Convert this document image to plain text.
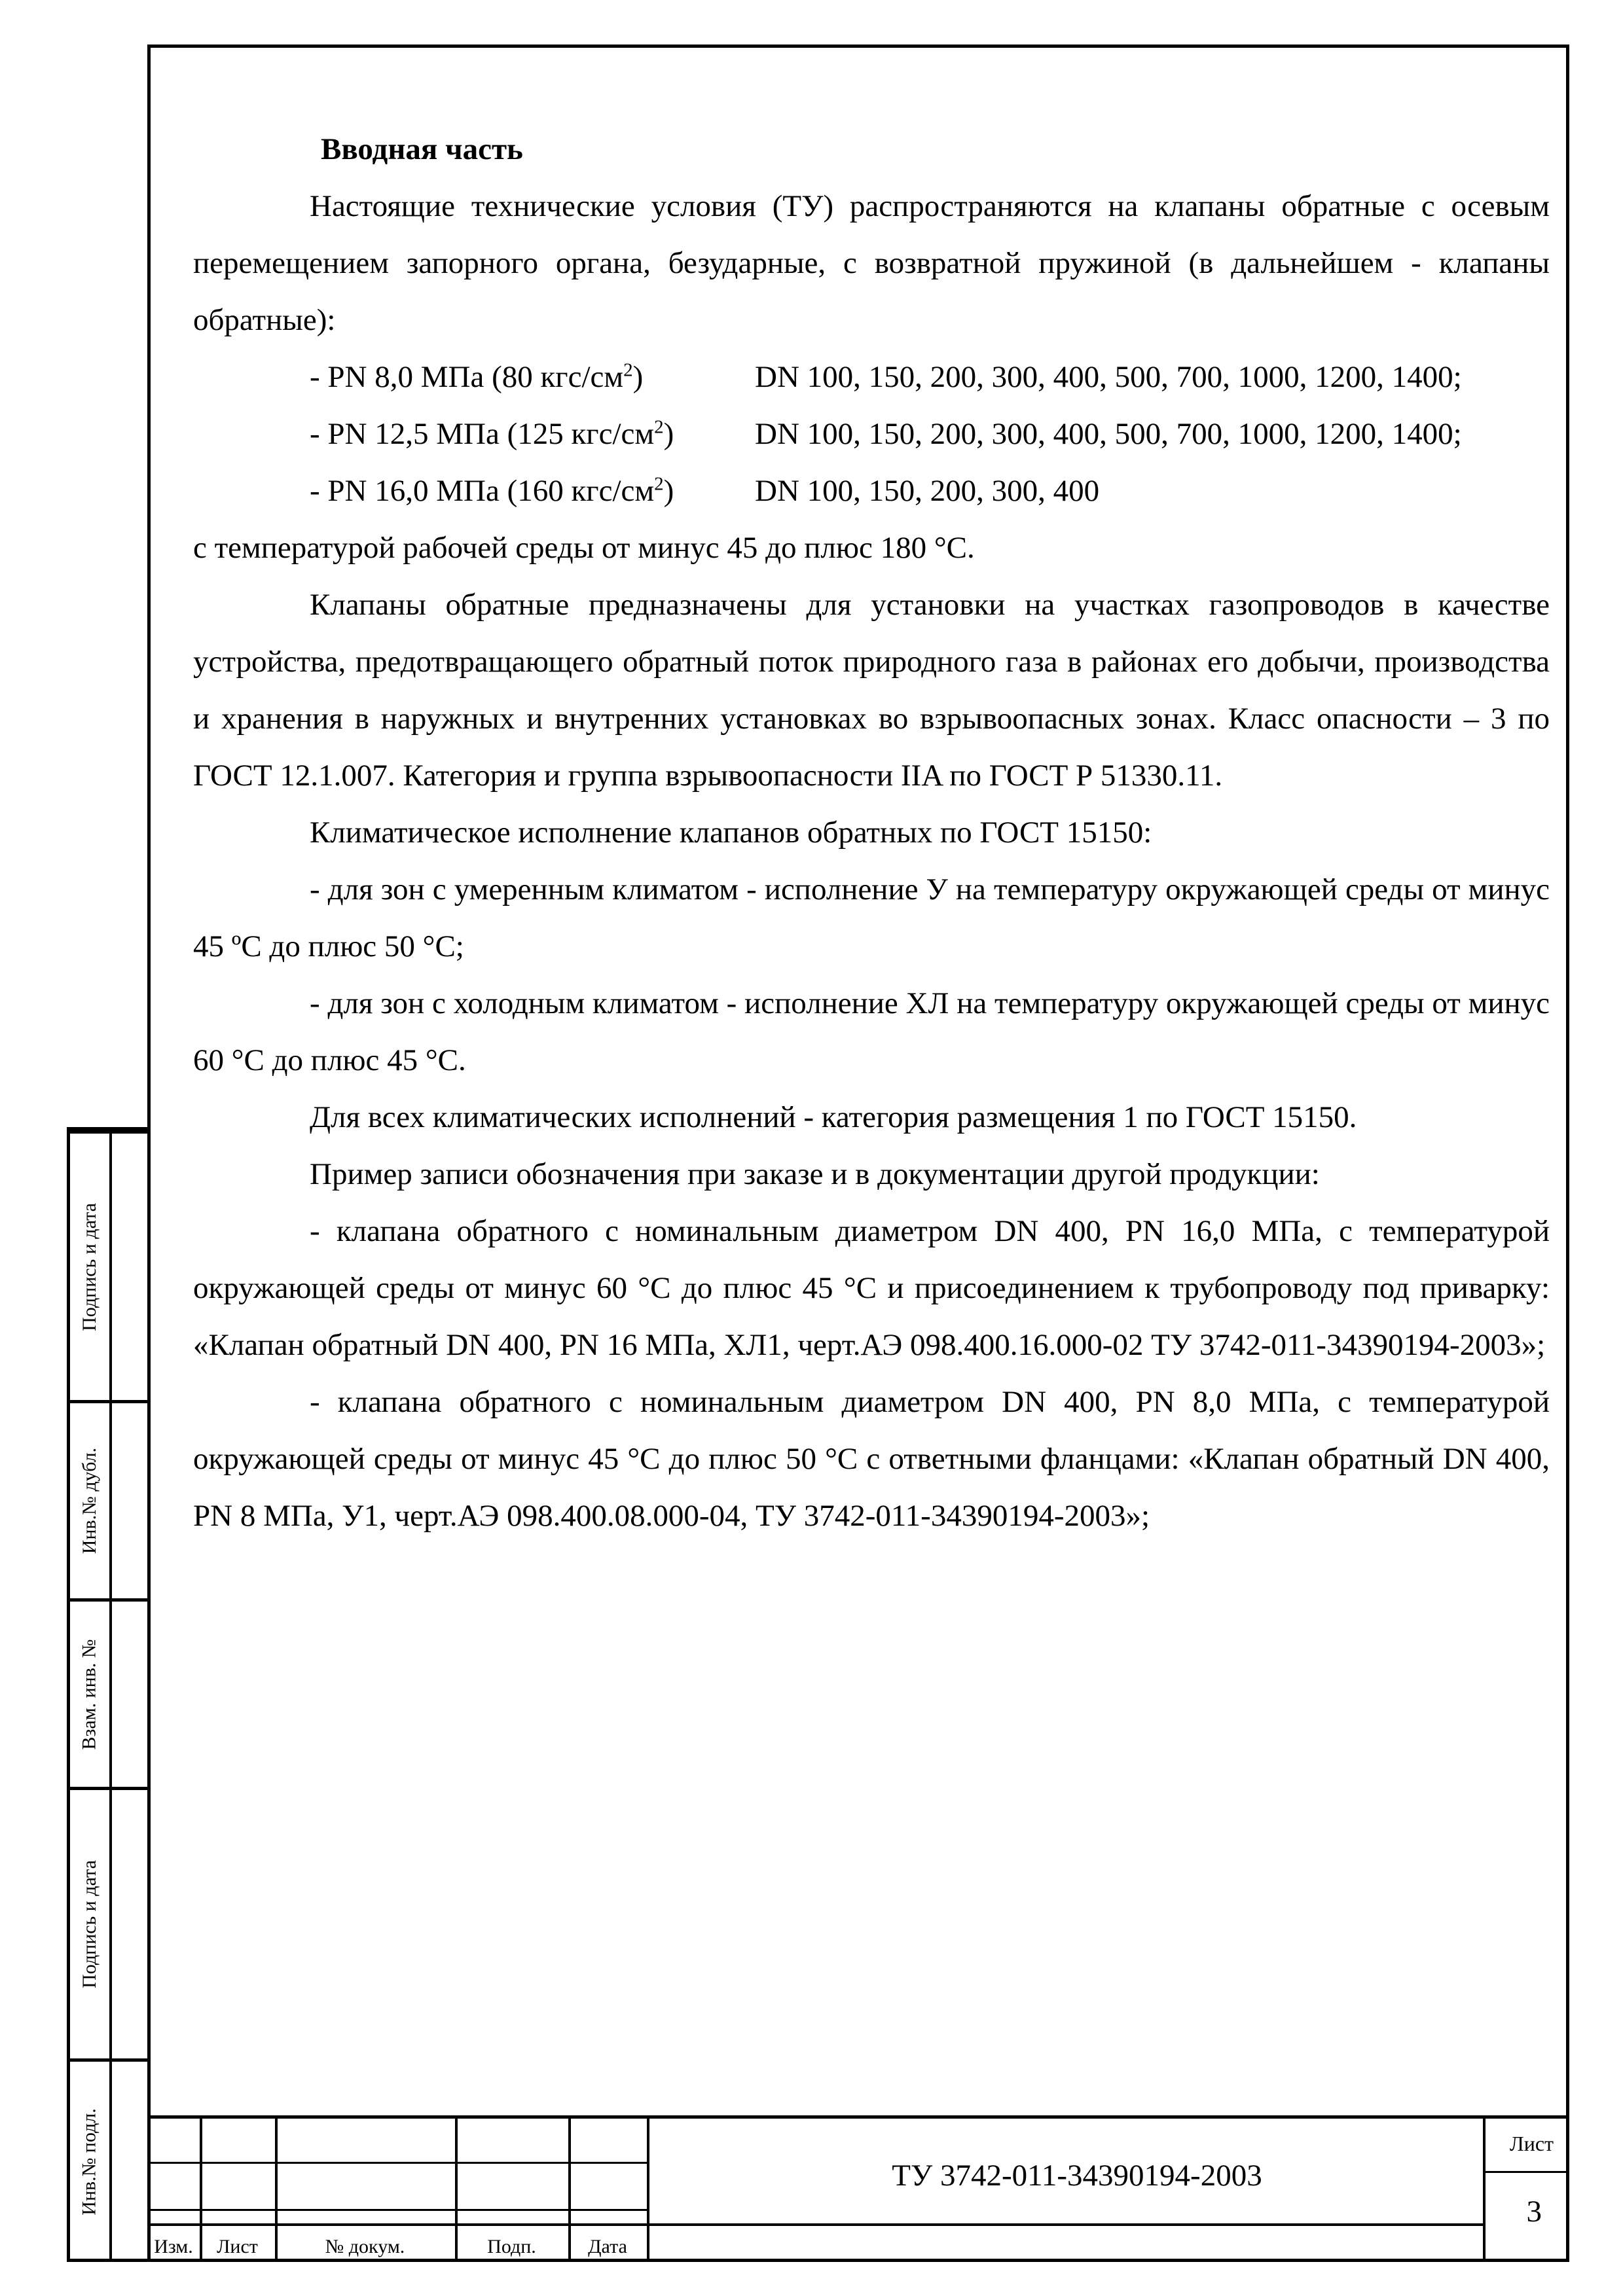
Вводная часть

Настоящие технические условия (ТУ) распространяются на клапаны обратные с осевым перемещением запорного органа, безударные, с возвратной пружиной (в дальнейшем - клапаны обратные):

- PN 8,0 МПа (80 кгс/$см^2$)	DN 100, 150, 200, 300, 400, 500, 700, 1000, 1200, 1400;
- PN 12,5 МПа (125 кгс/$см^2$)	DN 100, 150, 200, 300, 400, 500, 700, 1000, 1200, 1400;
- PN 16,0 МПа (160 кгс/$см^2$)	DN 100, 150, 200, 300, 400

с температурой рабочей среды от минус 45 до плюс 180 °С.

Клапаны обратные предназначены для установки на участках газопроводов в качестве устройства, предотвращающего обратный поток природного газа в районах его добычи, производства и хранения в наружных и внутренних установках во взрывоопасных зонах. Класс опасности – 3 по ГОСТ 12.1.007. Категория и группа взрывоопасности IIA по ГОСТ Р 51330.11.

Климатическое исполнение клапанов обратных по ГОСТ 15150:

- для зон с умеренным климатом - исполнение У на температуру окружающей среды от минус 45 ºС до плюс 50 °С;

- для зон с холодным климатом - исполнение ХЛ на температуру окружающей среды от минус 60 °С до плюс 45 °С.

Для всех климатических исполнений - категория размещения 1 по ГОСТ 15150.

Пример записи обозначения при заказе и в документации другой продукции:

- клапана обратного с номинальным диаметром DN 400, PN 16,0 МПа, с температурой окружающей среды от минус 60 °С до плюс 45 °С и присоединением к трубопроводу под приварку: «Клапан обратный DN 400, PN 16 МПа, ХЛ1, черт.АЭ 098.400.16.000-02 ТУ 3742-011-34390194-2003»;

- клапана обратного с номинальным диаметром DN 400, PN 8,0 МПа, с температурой окружающей среды от минус 45 °С до плюс 50 °С с ответными фланцами: «Клапан обратный DN 400, PN 8 МПа, У1, черт.АЭ 098.400.08.000-04, ТУ 3742-011-34390194-2003»;

Подпись и дата
Инв.№ дубл.
Взам. инв. №
Подпись и дата
Инв.№ подл.
Изм.	Лист	№ докум.	Подп.	Дата
ТУ 3742-011-34390194-2003
Лист
3
